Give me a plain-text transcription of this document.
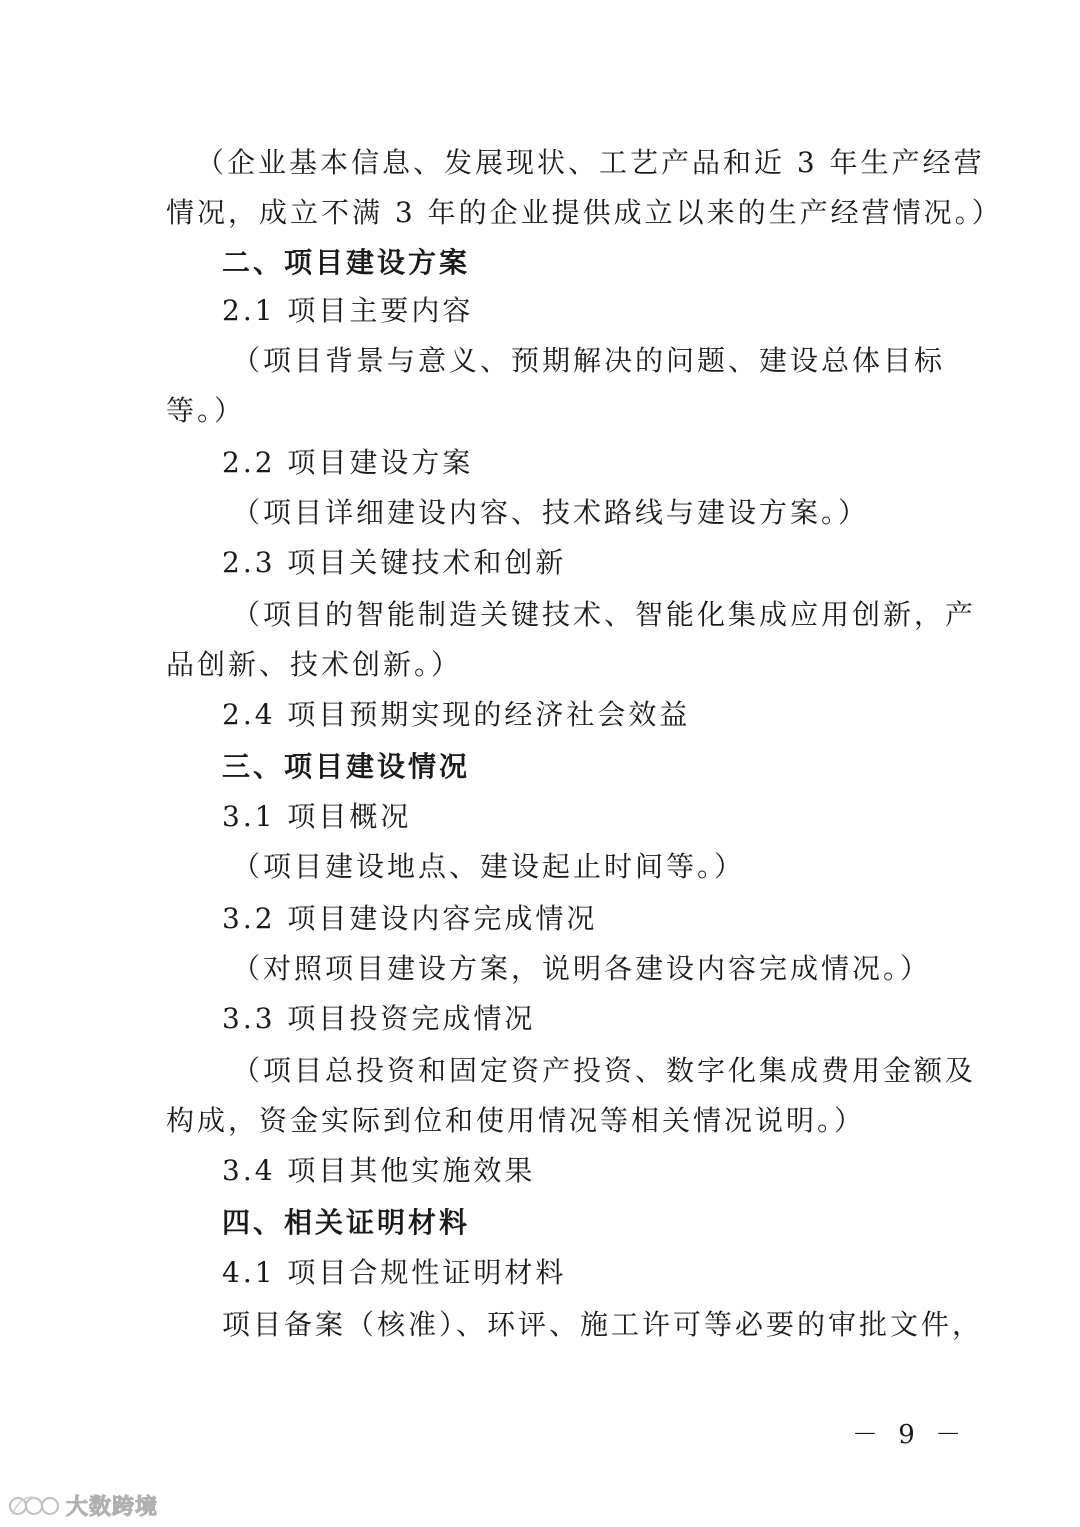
（企业基本信息、发展现状、工艺产品和近 3 年生产经营
情况，成立不满 3 年的企业提供成立以来的生产经营情况。）
二、项目建设方案
2.1 项目主要内容
（项目背景与意义、预期解决的问题、建设总体目标
等。）
2.2 项目建设方案
（项目详细建设内容、技术路线与建设方案。）
2.3 项目关键技术和创新
（项目的智能制造关键技术、智能化集成应用创新，产
品创新、技术创新。）
2.4 项目预期实现的经济社会效益
三、项目建设情况
3.1 项目概况
（项目建设地点、建设起止时间等。）
3.2 项目建设内容完成情况
（对照项目建设方案，说明各建设内容完成情况。）
3.3 项目投资完成情况
（项目总投资和固定资产投资、数字化集成费用金额及
构成，资金实际到位和使用情况等相关情况说明。）
3.4 项目其他实施效果
四、相关证明材料
4.1 项目合规性证明材料
项目备案（核准）、环评、施工许可等必要的审批文件，
－ 9 －
大数跨境
